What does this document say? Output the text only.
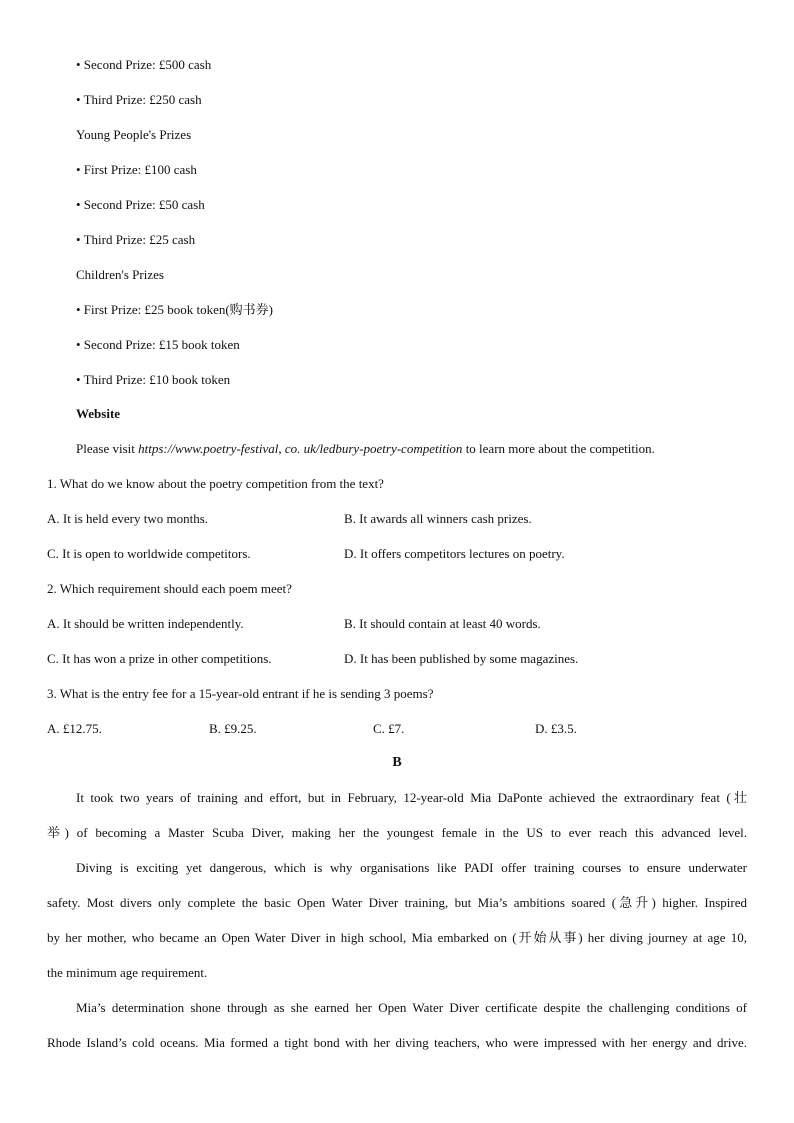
• Second Prize: £500 cash
• Third Prize: £250 cash
Young People's Prizes
• First Prize: £100 cash
• Second Prize: £50 cash
• Third Prize: £25 cash
Children's Prizes
• First Prize: £25 book token(购书券)
• Second Prize: £15 book token
• Third Prize: £10 book token
Website
Please visit https://www.poetry-festival, co. uk/ledbury-poetry-competition to learn more about the competition.
1. What do we know about the poetry competition from the text?
A. It is held every two months.	B. It awards all winners cash prizes.
C. It is open to worldwide competitors.	D. It offers competitors lectures on poetry.
2. Which requirement should each poem meet?
A. It should be written independently.	B. It should contain at least 40 words.
C. It has won a prize in other competitions.	D. It has been published by some magazines.
3. What is the entry fee for a 15-year-old entrant if he is sending 3 poems?
A. £12.75.	B. £9.25.	C. £7.	D. £3.5.
B
It took two years of training and effort, but in February, 12-year-old Mia DaPonte achieved the extraordinary feat (壮
举) of becoming a Master Scuba Diver, making her the youngest female in the US to ever reach this advanced level.
Diving is exciting yet dangerous, which is why organisations like PADI offer training courses to ensure underwater
safety. Most divers only complete the basic Open Water Diver training, but Mia’s ambitions soared (急升) higher. Inspired
by her mother, who became an Open Water Diver in high school, Mia embarked on (开始从事) her diving journey at age 10,
the minimum age requirement.
Mia’s determination shone through as she earned her Open Water Diver certificate despite the challenging conditions of
Rhode Island’s cold oceans. Mia formed a tight bond with her diving teachers, who were impressed with her energy and drive.
